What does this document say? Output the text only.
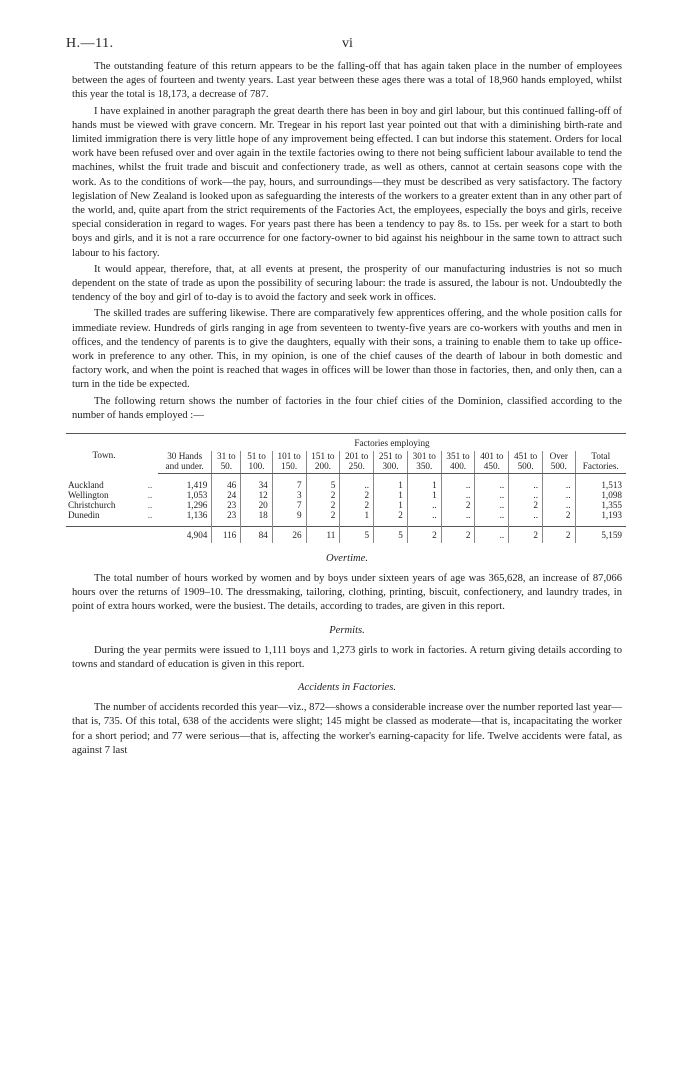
H.—11.	vi

The outstanding feature of this return appears to be the falling-off that has again taken place in the number of employees between the ages of fourteen and twenty years. Last year between these ages there was a total of 18,960 hands employed, whilst this year the total is 18,173, a decrease of 787.

I have explained in another paragraph the great dearth there has been in boy and girl labour, but this continued falling-off of hands must be viewed with grave concern. Mr. Tregear in his report last year pointed out that with a diminishing birth-rate and limited immigration there is very little hope of any improvement being effected. I can but indorse this statement. Orders for local work have been refused over and over again in the textile factories owing to there not being sufficient labour available to tend the machines, whilst the fruit trade and biscuit and confectionery trade, as well as others, cannot at certain seasons cope with the work. As to the conditions of work—the pay, hours, and surroundings—they must be described as very satisfactory. The factory legislation of New Zealand is looked upon as safeguarding the interests of the workers to a greater extent than in any other part of the world, and, quite apart from the strict requirements of the Factories Act, the employees, especially the boys and girls, receive special consideration in regard to wages. For years past there has been a tendency to pay 8s. to 15s. per week for a start to both boys and girls, and it is not a rare occurrence for one factory-owner to bid against his neighbour in the same town to attract such labour to his factory.

It would appear, therefore, that, at all events at present, the prosperity of our manufacturing industries is not so much dependent on the state of trade as upon the possibility of securing labour: the trade is assured, the labour is not. Undoubtedly the tendency of the boy and girl of to-day is to avoid the factory and seek work in offices.

The skilled trades are suffering likewise. There are comparatively few apprentices offering, and the whole position calls for immediate review. Hundreds of girls ranging in age from seventeen to twenty-five years are co-workers with youths and men in offices, and the tendency of parents is to give the daughters, equally with their sons, a training to enable them to take up office-work in preference to any other. This, in my opinion, is one of the chief causes of the dearth of labour in both domestic and factory work, and when the point is reached that wages in offices will be lower than those in factories, then, and only then, can a turn in the tide be expected.

The following return shows the number of factories in the four chief cities of the Dominion, classified according to the number of hands employed :—

Town.		Factories employing												
		30 Hands and under.	31 to 50.	51 to 100.	101 to 150.	151 to 200.	201 to 250.	251 to 300.	301 to 350.	351 to 400.	401 to 450.	451 to 500.	Over 500.	Total Factories.

Auckland	..	1,419	46	34	7	5	..	1	1	..	..	..	..	1,513
Wellington	..	1,053	24	12	3	2	2	1	1	..	..	..	..	1,098
Christchurch	..	1,296	23	20	7	2	2	1	..	2	..	2	..	1,355
Dunedin	..	1,136	23	18	9	2	1	2	..	..	..	..	2	1,193

		4,904	116	84	26	11	5	5	2	2	..	2	2	5,159
Overtime.

The total number of hours worked by women and by boys under sixteen years of age was 365,628, an increase of 87,066 hours over the returns of 1909–10. The dressmaking, tailoring, clothing, printing, biscuit, confectionery, and laundry trades, in point of extra hours worked, were the busiest. The details, according to trades, are given in this report.

Permits.

During the year permits were issued to 1,111 boys and 1,273 girls to work in factories. A return giving details according to towns and standard of education is given in this report.

Accidents in Factories.

The number of accidents recorded this year—viz., 872—shows a considerable increase over the number reported last year—that is, 735. Of this total, 638 of the accidents were slight; 145 might be classed as moderate—that is, incapacitating the worker for a short period; and 77 were serious—that is, affecting the worker's earning-capacity for life. Twelve accidents were fatal, as against 7 last
